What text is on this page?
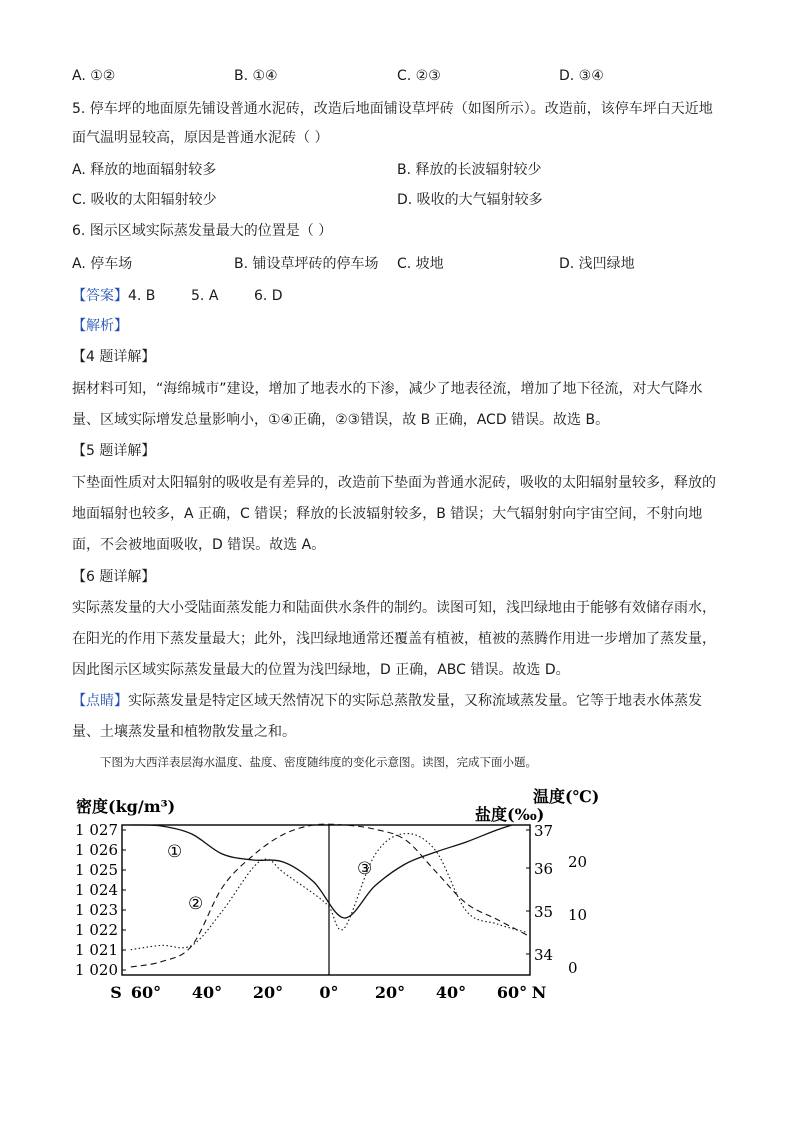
A. ①②	B. ①④	C. ②③	D. ③④
5. 停车坪的地面原先铺设普通水泥砖，改造后地面铺设草坪砖（如图所示）。改造前，该停车坪白天近地
面气温明显较高，原因是普通水泥砖（ ）
A. 释放的地面辐射较多	B. 释放的长波辐射较少
C. 吸收的太阳辐射较少	D. 吸收的大气辐射较多
6. 图示区域实际蒸发量最大的位置是（ ）
A. 停车场	B. 铺设草坪砖的停车场 C. 坡地	D. 浅凹绿地
【答案】4. B        5. A        6. D
【解析】
【4 题详解】
据材料可知，“海绵城市”建设，增加了地表水的下渗，减少了地表径流，增加了地下径流，对大气降水
量、区域实际增发总量影响小，①④正确，②③错误，故 B 正确，ACD 错误。故选 B。
【5 题详解】
下垫面性质对太阳辐射的吸收是有差异的，改造前下垫面为普通水泥砖，吸收的太阳辐射量较多，释放的
地面辐射也较多，A 正确，C 错误；释放的长波辐射较多，B 错误；大气辐射射向宇宙空间，不射向地
面，不会被地面吸收，D 错误。故选 A。
【6 题详解】
实际蒸发量的大小受陆面蒸发能力和陆面供水条件的制约。读图可知，浅凹绿地由于能够有效储存雨水，
在阳光的作用下蒸发量最大；此外，浅凹绿地通常还覆盖有植被，植被的蒸腾作用进一步增加了蒸发量，
因此图示区域实际蒸发量最大的位置为浅凹绿地，D 正确，ABC 错误。故选 D。
【点睛】实际蒸发量是特定区域天然情况下的实际总蒸散发量，又称流域蒸发量。它等于地表水体蒸发
量、土壤蒸发量和植物散发量之和。
下图为大西洋表层海水温度、盐度、密度随纬度的变化示意图。读图，完成下面小题。
密度(kg/m³)	盐度(‰)
温度(℃)
1 027
1 026
1 025
1 024
1 023
1 022
1 021
1 020
37
36
35
34
20
10
0
S 60° 40° 20° 0° 20° 40° 60° N
①
②
③
